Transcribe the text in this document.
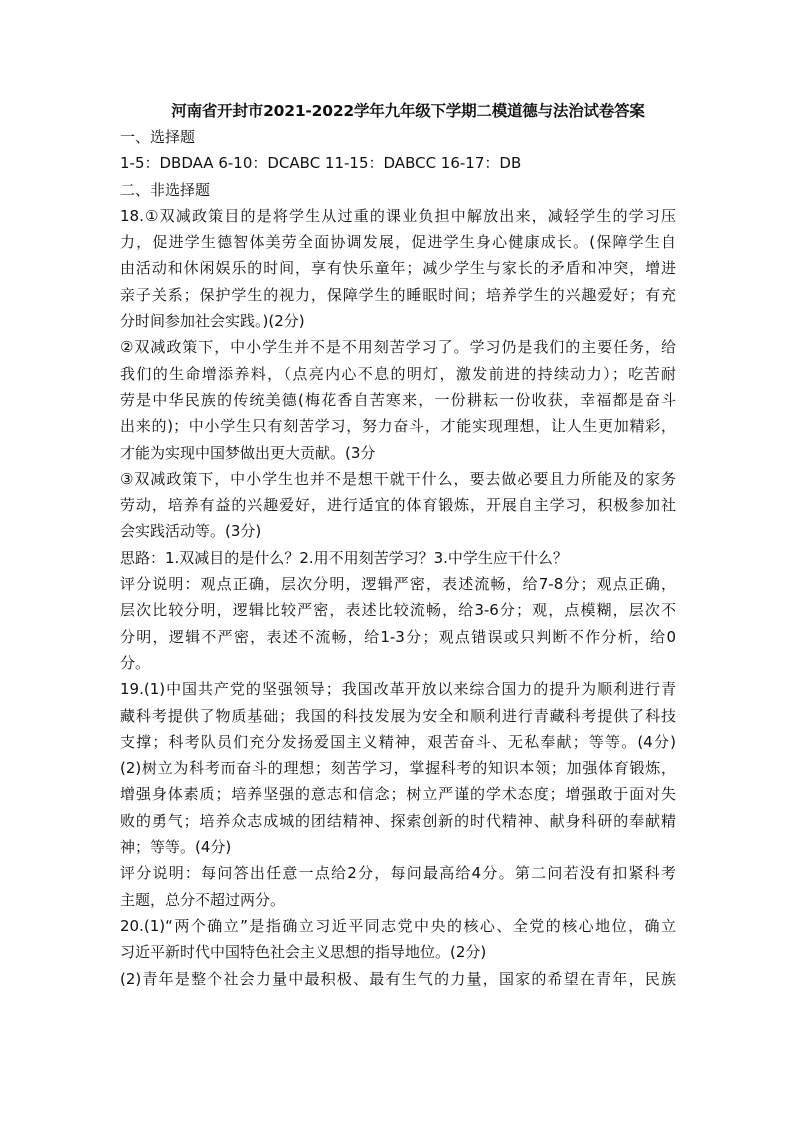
河南省开封市2021-2022学年九年级下学期二模道德与法治试卷答案
一、选择题
1-5：DBDAA 6-10：DCABC 11-15：DABCC 16-17：DB
二、非选择题
18.①双减政策目的是将学生从过重的课业负担中解放出来，减轻学生的学习压
力，促进学生德智体美劳全面协调发展，促进学生身心健康成长。(保障学生自
由活动和休闲娱乐的时间，享有快乐童年；减少学生与家长的矛盾和冲突，增进
亲子关系；保护学生的视力，保障学生的睡眠时间；培养学生的兴趣爱好；有充
分时间参加社会实践。)(2分)
②双减政策下，中小学生并不是不用刻苦学习了。学习仍是我们的主要任务，给
我们的生命增添养料，（点亮内心不息的明灯，激发前进的持续动力）；吃苦耐
劳是中华民族的传统美德(梅花香自苦寒来，一份耕耘一份收获，幸福都是奋斗
出来的)；中小学生只有刻苦学习，努力奋斗，才能实现理想，让人生更加精彩，
才能为实现中国梦做出更大贡献。(3分
③双减政策下，中小学生也并不是想干就干什么，要去做必要且力所能及的家务
劳动，培养有益的兴趣爱好，进行适宜的体育锻炼，开展自主学习，积极参加社
会实践活动等。(3分)
思路：1.双减目的是什么？2.用不用刻苦学习？3.中学生应干什么？
评分说明：观点正确，层次分明，逻辑严密，表述流畅，给7-8分；观点正确，
层次比较分明，逻辑比较严密，表述比较流畅，给3-6分；观，点模糊，层次不
分明，逻辑不严密，表述不流畅，给1-3分；观点错误或只判断不作分析，给0
分。
19.(1)中国共产党的坚强领导；我国改革开放以来综合国力的提升为顺利进行青
藏科考提供了物质基础；我国的科技发展为安全和顺利进行青藏科考提供了科技
支撑；科考队员们充分发扬爱国主义精神，艰苦奋斗、无私奉献；等等。(4分)
(2)树立为科考而奋斗的理想；刻苦学习，掌握科考的知识本领；加强体育锻炼，
增强身体素质；培养坚强的意志和信念；树立严谨的学术态度；增强敢于面对失
败的勇气；培养众志成城的团结精神、探索创新的时代精神、献身科研的奉献精
神；等等。(4分)
评分说明：每问答出任意一点给2分，每问最高给4分。第二问若没有扣紧科考
主题，总分不超过两分。
20.(1)“两个确立”是指确立习近平同志党中央的核心、全党的核心地位，确立
习近平新时代中国特色社会主义思想的指导地位。(2分)
(2)青年是整个社会力量中最积极、最有生气的力量，国家的希望在青年，民族
